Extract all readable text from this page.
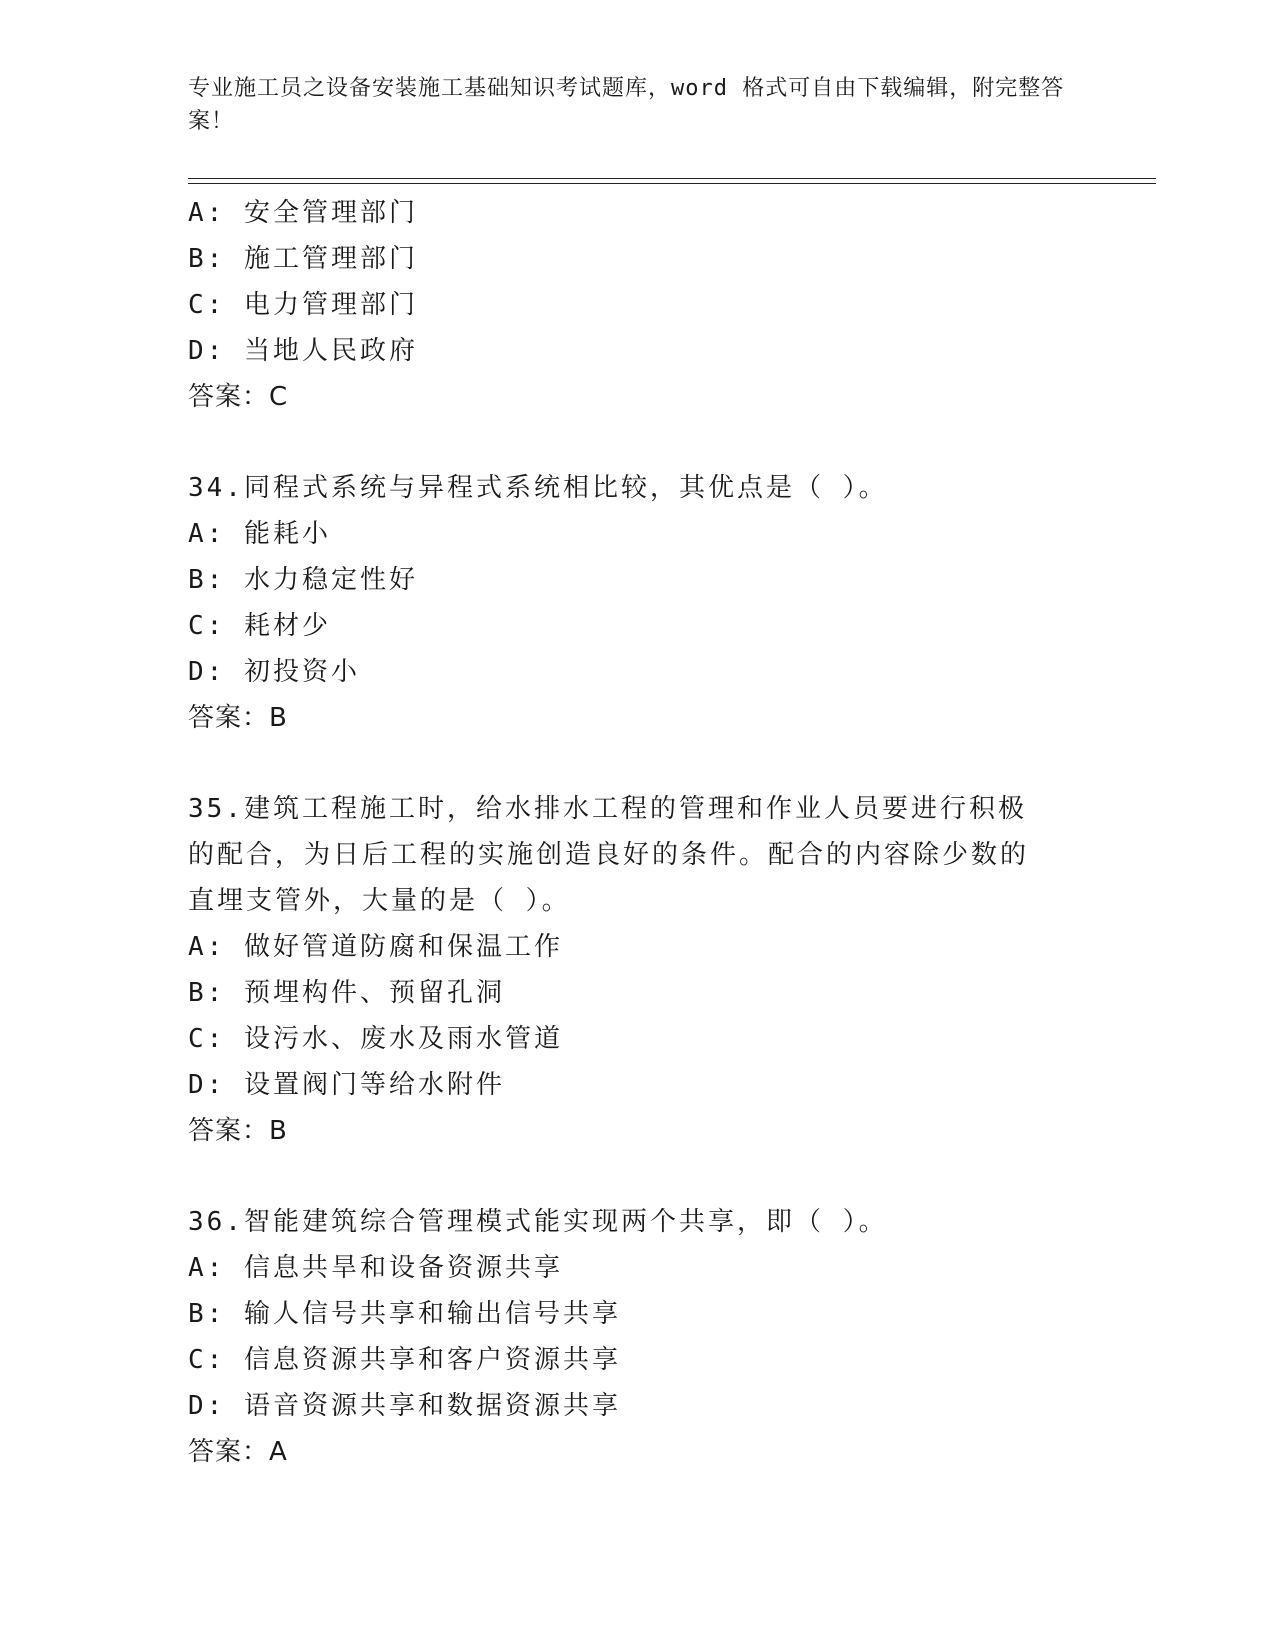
专业施工员之设备安装施工基础知识考试题库，word 格式可自由下载编辑，附完整答案！
A: 安全管理部门
B: 施工管理部门
C: 电力管理部门
D: 当地人民政府
答案：C
34.同程式系统与异程式系统相比较，其优点是（ ）。
A: 能耗小
B: 水力稳定性好
C: 耗材少
D: 初投资小
答案：B
35.建筑工程施工时，给水排水工程的管理和作业人员要进行积极的配合，为日后工程的实施创造良好的条件。配合的内容除少数的直埋支管外，大量的是（ ）。
A: 做好管道防腐和保温工作
B: 预埋构件、预留孔洞
C: 设污水、废水及雨水管道
D: 设置阀门等给水附件
答案：B
36.智能建筑综合管理模式能实现两个共享，即（ ）。
A: 信息共旱和设备资源共享
B: 输人信号共享和输出信号共享
C: 信息资源共享和客户资源共享
D: 语音资源共享和数据资源共享
答案：A
